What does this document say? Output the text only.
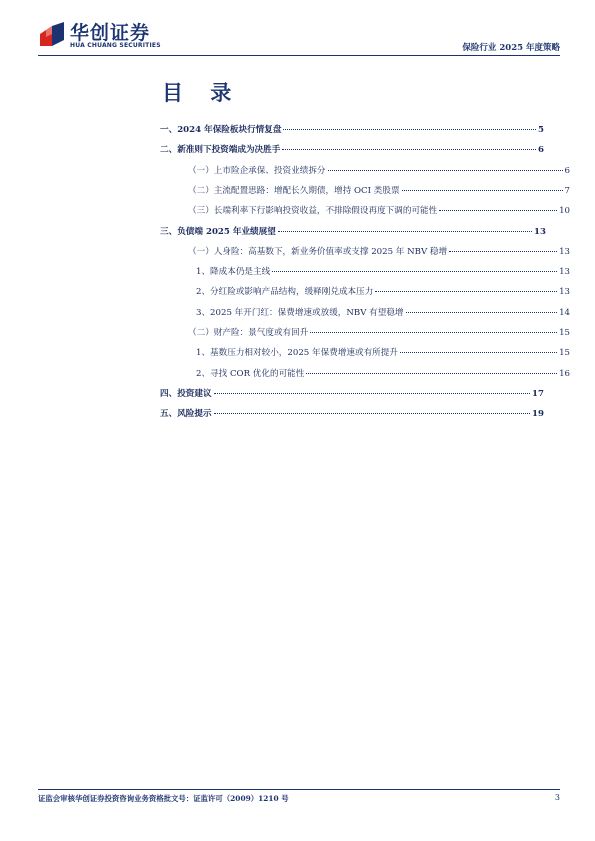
华创证券
HUA CHUANG SECURITIES	保险行业 2025 年度策略
目 录
一、2024 年保险板块行情复盘	5
二、新准则下投资端成为决胜手	6
（一）上市险企承保、投资业绩拆分	6
（二）主流配置思路：增配长久期债，增持 OCI 类股票	7
（三）长端利率下行影响投资收益，不排除假设再度下调的可能性	10
三、负债端 2025 年业绩展望	13
（一）人身险：高基数下，新业务价值率或支撑 2025 年 NBV 稳增	13
1、降成本仍是主线	13
2、分红险或影响产品结构，缓释刚兑成本压力	13
3、2025 年开门红：保费增速或放缓，NBV 有望稳增	14
（二）财产险：景气度或有回升	15
1、基数压力相对较小，2025 年保费增速或有所提升	15
2、寻找 COR 优化的可能性	16
四、投资建议	17
五、风险提示	19
证监会审核华创证券投资咨询业务资格批文号：证监许可（2009）1210 号	3
